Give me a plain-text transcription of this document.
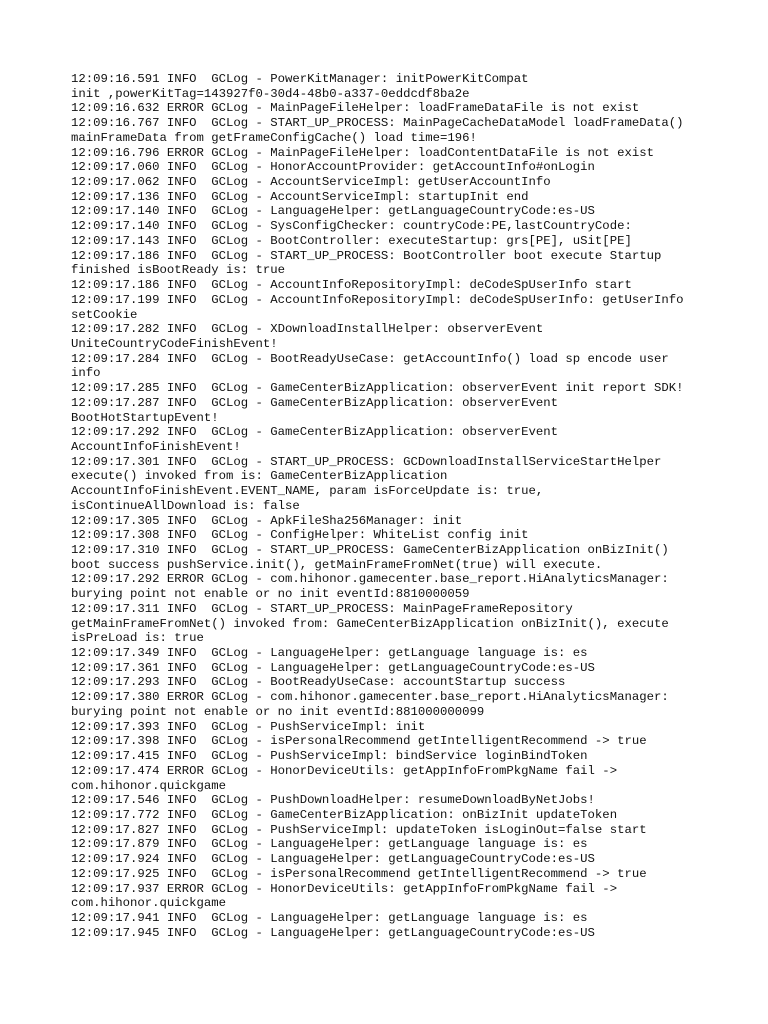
12:09:16.591 INFO  GCLog - PowerKitManager: initPowerKitCompat
init ,powerKitTag=143927f0-30d4-48b0-a337-0eddcdf8ba2e
12:09:16.632 ERROR GCLog - MainPageFileHelper: loadFrameDataFile is not exist
12:09:16.767 INFO  GCLog - START_UP_PROCESS: MainPageCacheDataModel loadFrameData()
mainFrameData from getFrameConfigCache() load time=196!
12:09:16.796 ERROR GCLog - MainPageFileHelper: loadContentDataFile is not exist
12:09:17.060 INFO  GCLog - HonorAccountProvider: getAccountInfo#onLogin
12:09:17.062 INFO  GCLog - AccountServiceImpl: getUserAccountInfo
12:09:17.136 INFO  GCLog - AccountServiceImpl: startupInit end
12:09:17.140 INFO  GCLog - LanguageHelper: getLanguageCountryCode:es-US
12:09:17.140 INFO  GCLog - SysConfigChecker: countryCode:PE,lastCountryCode:
12:09:17.143 INFO  GCLog - BootController: executeStartup: grs[PE], uSit[PE]
12:09:17.186 INFO  GCLog - START_UP_PROCESS: BootController boot execute Startup
finished isBootReady is: true
12:09:17.186 INFO  GCLog - AccountInfoRepositoryImpl: deCodeSpUserInfo start
12:09:17.199 INFO  GCLog - AccountInfoRepositoryImpl: deCodeSpUserInfo: getUserInfo
setCookie
12:09:17.282 INFO  GCLog - XDownloadInstallHelper: observerEvent
UniteCountryCodeFinishEvent!
12:09:17.284 INFO  GCLog - BootReadyUseCase: getAccountInfo() load sp encode user
info
12:09:17.285 INFO  GCLog - GameCenterBizApplication: observerEvent init report SDK!
12:09:17.287 INFO  GCLog - GameCenterBizApplication: observerEvent
BootHotStartupEvent!
12:09:17.292 INFO  GCLog - GameCenterBizApplication: observerEvent
AccountInfoFinishEvent!
12:09:17.301 INFO  GCLog - START_UP_PROCESS: GCDownloadInstallServiceStartHelper
execute() invoked from is: GameCenterBizApplication
AccountInfoFinishEvent.EVENT_NAME, param isForceUpdate is: true,
isContinueAllDownload is: false
12:09:17.305 INFO  GCLog - ApkFileSha256Manager: init
12:09:17.308 INFO  GCLog - ConfigHelper: WhiteList config init
12:09:17.310 INFO  GCLog - START_UP_PROCESS: GameCenterBizApplication onBizInit()
boot success pushService.init(), getMainFrameFromNet(true) will execute.
12:09:17.292 ERROR GCLog - com.hihonor.gamecenter.base_report.HiAnalyticsManager:
burying point not enable or no init eventId:8810000059
12:09:17.311 INFO  GCLog - START_UP_PROCESS: MainPageFrameRepository
getMainFrameFromNet() invoked from: GameCenterBizApplication onBizInit(), execute
isPreLoad is: true
12:09:17.349 INFO  GCLog - LanguageHelper: getLanguage language is: es
12:09:17.361 INFO  GCLog - LanguageHelper: getLanguageCountryCode:es-US
12:09:17.293 INFO  GCLog - BootReadyUseCase: accountStartup success
12:09:17.380 ERROR GCLog - com.hihonor.gamecenter.base_report.HiAnalyticsManager:
burying point not enable or no init eventId:881000000099
12:09:17.393 INFO  GCLog - PushServiceImpl: init
12:09:17.398 INFO  GCLog - isPersonalRecommend getIntelligentRecommend -> true
12:09:17.415 INFO  GCLog - PushServiceImpl: bindService loginBindToken
12:09:17.474 ERROR GCLog - HonorDeviceUtils: getAppInfoFromPkgName fail ->
com.hihonor.quickgame
12:09:17.546 INFO  GCLog - PushDownloadHelper: resumeDownloadByNetJobs!
12:09:17.772 INFO  GCLog - GameCenterBizApplication: onBizInit updateToken
12:09:17.827 INFO  GCLog - PushServiceImpl: updateToken isLoginOut=false start
12:09:17.879 INFO  GCLog - LanguageHelper: getLanguage language is: es
12:09:17.924 INFO  GCLog - LanguageHelper: getLanguageCountryCode:es-US
12:09:17.925 INFO  GCLog - isPersonalRecommend getIntelligentRecommend -> true
12:09:17.937 ERROR GCLog - HonorDeviceUtils: getAppInfoFromPkgName fail ->
com.hihonor.quickgame
12:09:17.941 INFO  GCLog - LanguageHelper: getLanguage language is: es
12:09:17.945 INFO  GCLog - LanguageHelper: getLanguageCountryCode:es-US
